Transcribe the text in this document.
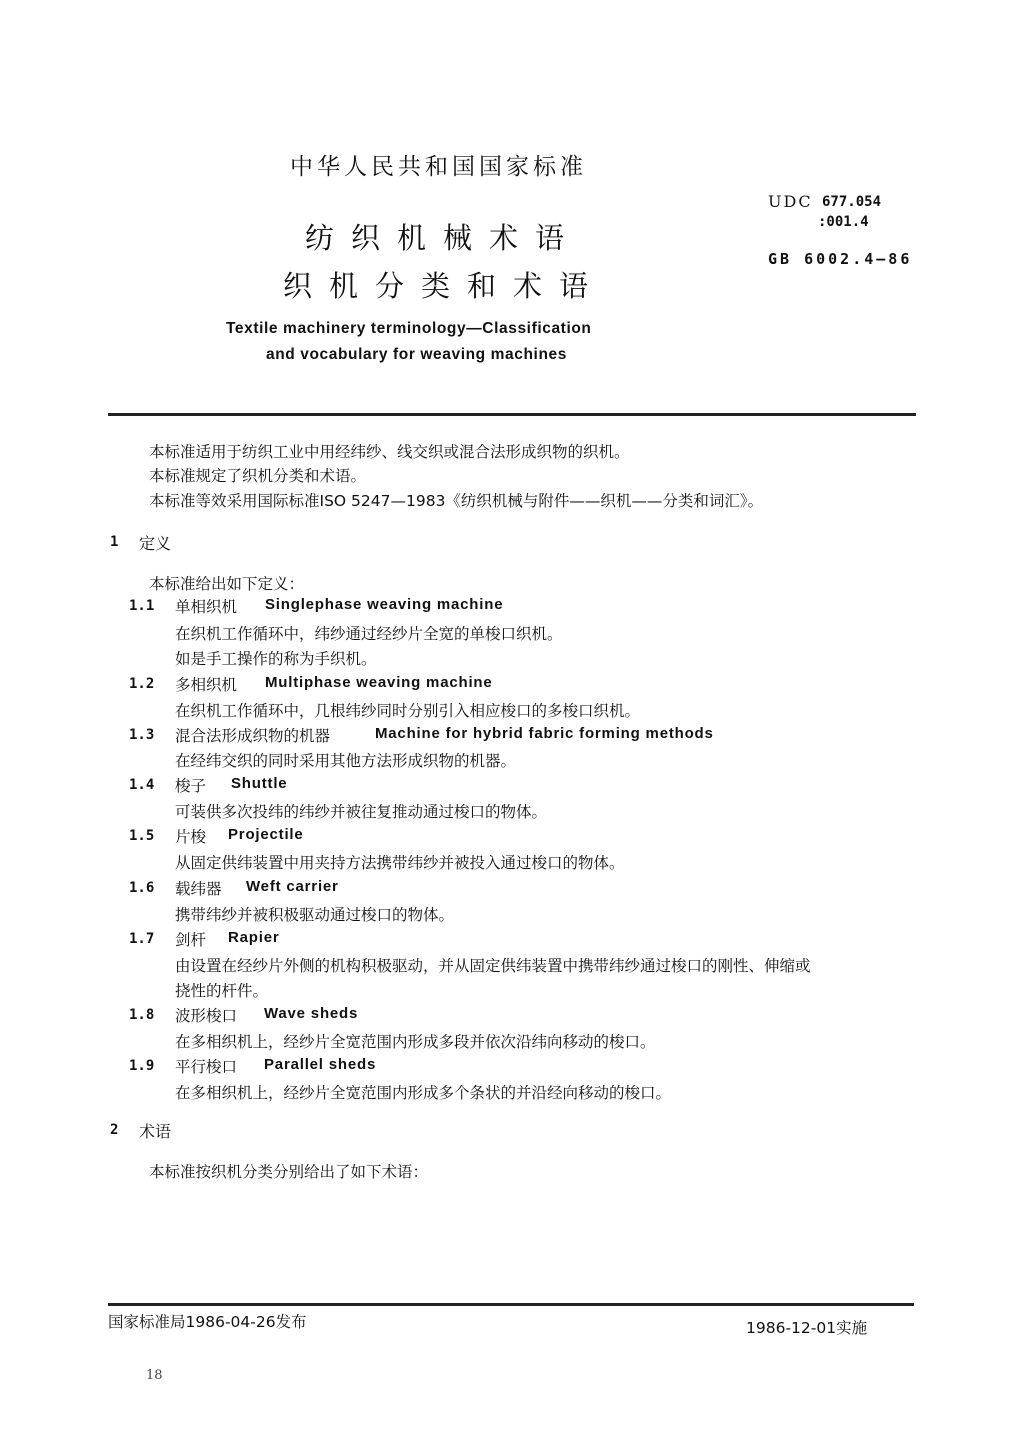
中华人民共和国国家标准
纺织机械术语
织机分类和术语
Textile machinery terminology—Classification
and vocabulary for weaving machines
UDC 677.054
:001.4
GB 6002.4—86
本标准适用于纺织工业中用经纬纱、线交织或混合法形成织物的织机。
本标准规定了织机分类和术语。
本标准等效采用国际标准ISO 5247—1983《纺织机械与附件——织机——分类和词汇》。
1 定义
本标准给出如下定义：
1.1 单相织机 Singlephase weaving machine
在织机工作循环中，纬纱通过经纱片全宽的单梭口织机。
如是手工操作的称为手织机。
1.2 多相织机 Multiphase weaving machine
在织机工作循环中，几根纬纱同时分别引入相应梭口的多梭口织机。
1.3 混合法形成织物的机器	Machine for hybrid fabric forming methods
在经纬交织的同时采用其他方法形成织物的机器。
1.4 梭子 Shuttle
可装供多次投纬的纬纱并被往复推动通过梭口的物体。
1.5 片梭 Projectile
从固定供纬装置中用夹持方法携带纬纱并被投入通过梭口的物体。
1.6 载纬器 Weft carrier
携带纬纱并被积极驱动通过梭口的物体。
1.7 剑杆 Rapier
由设置在经纱片外侧的机构积极驱动，并从固定供纬装置中携带纬纱通过梭口的刚性、伸缩或
挠性的杆件。
1.8 波形梭口 Wave sheds
在多相织机上，经纱片全宽范围内形成多段并依次沿纬向移动的梭口。
1.9 平行梭口 Parallel sheds
在多相织机上，经纱片全宽范围内形成多个条状的并沿经向移动的梭口。
2 术语
本标准按织机分类分别给出了如下术语：
国家标准局1986-04-26发布	1986-12-01实施
18
